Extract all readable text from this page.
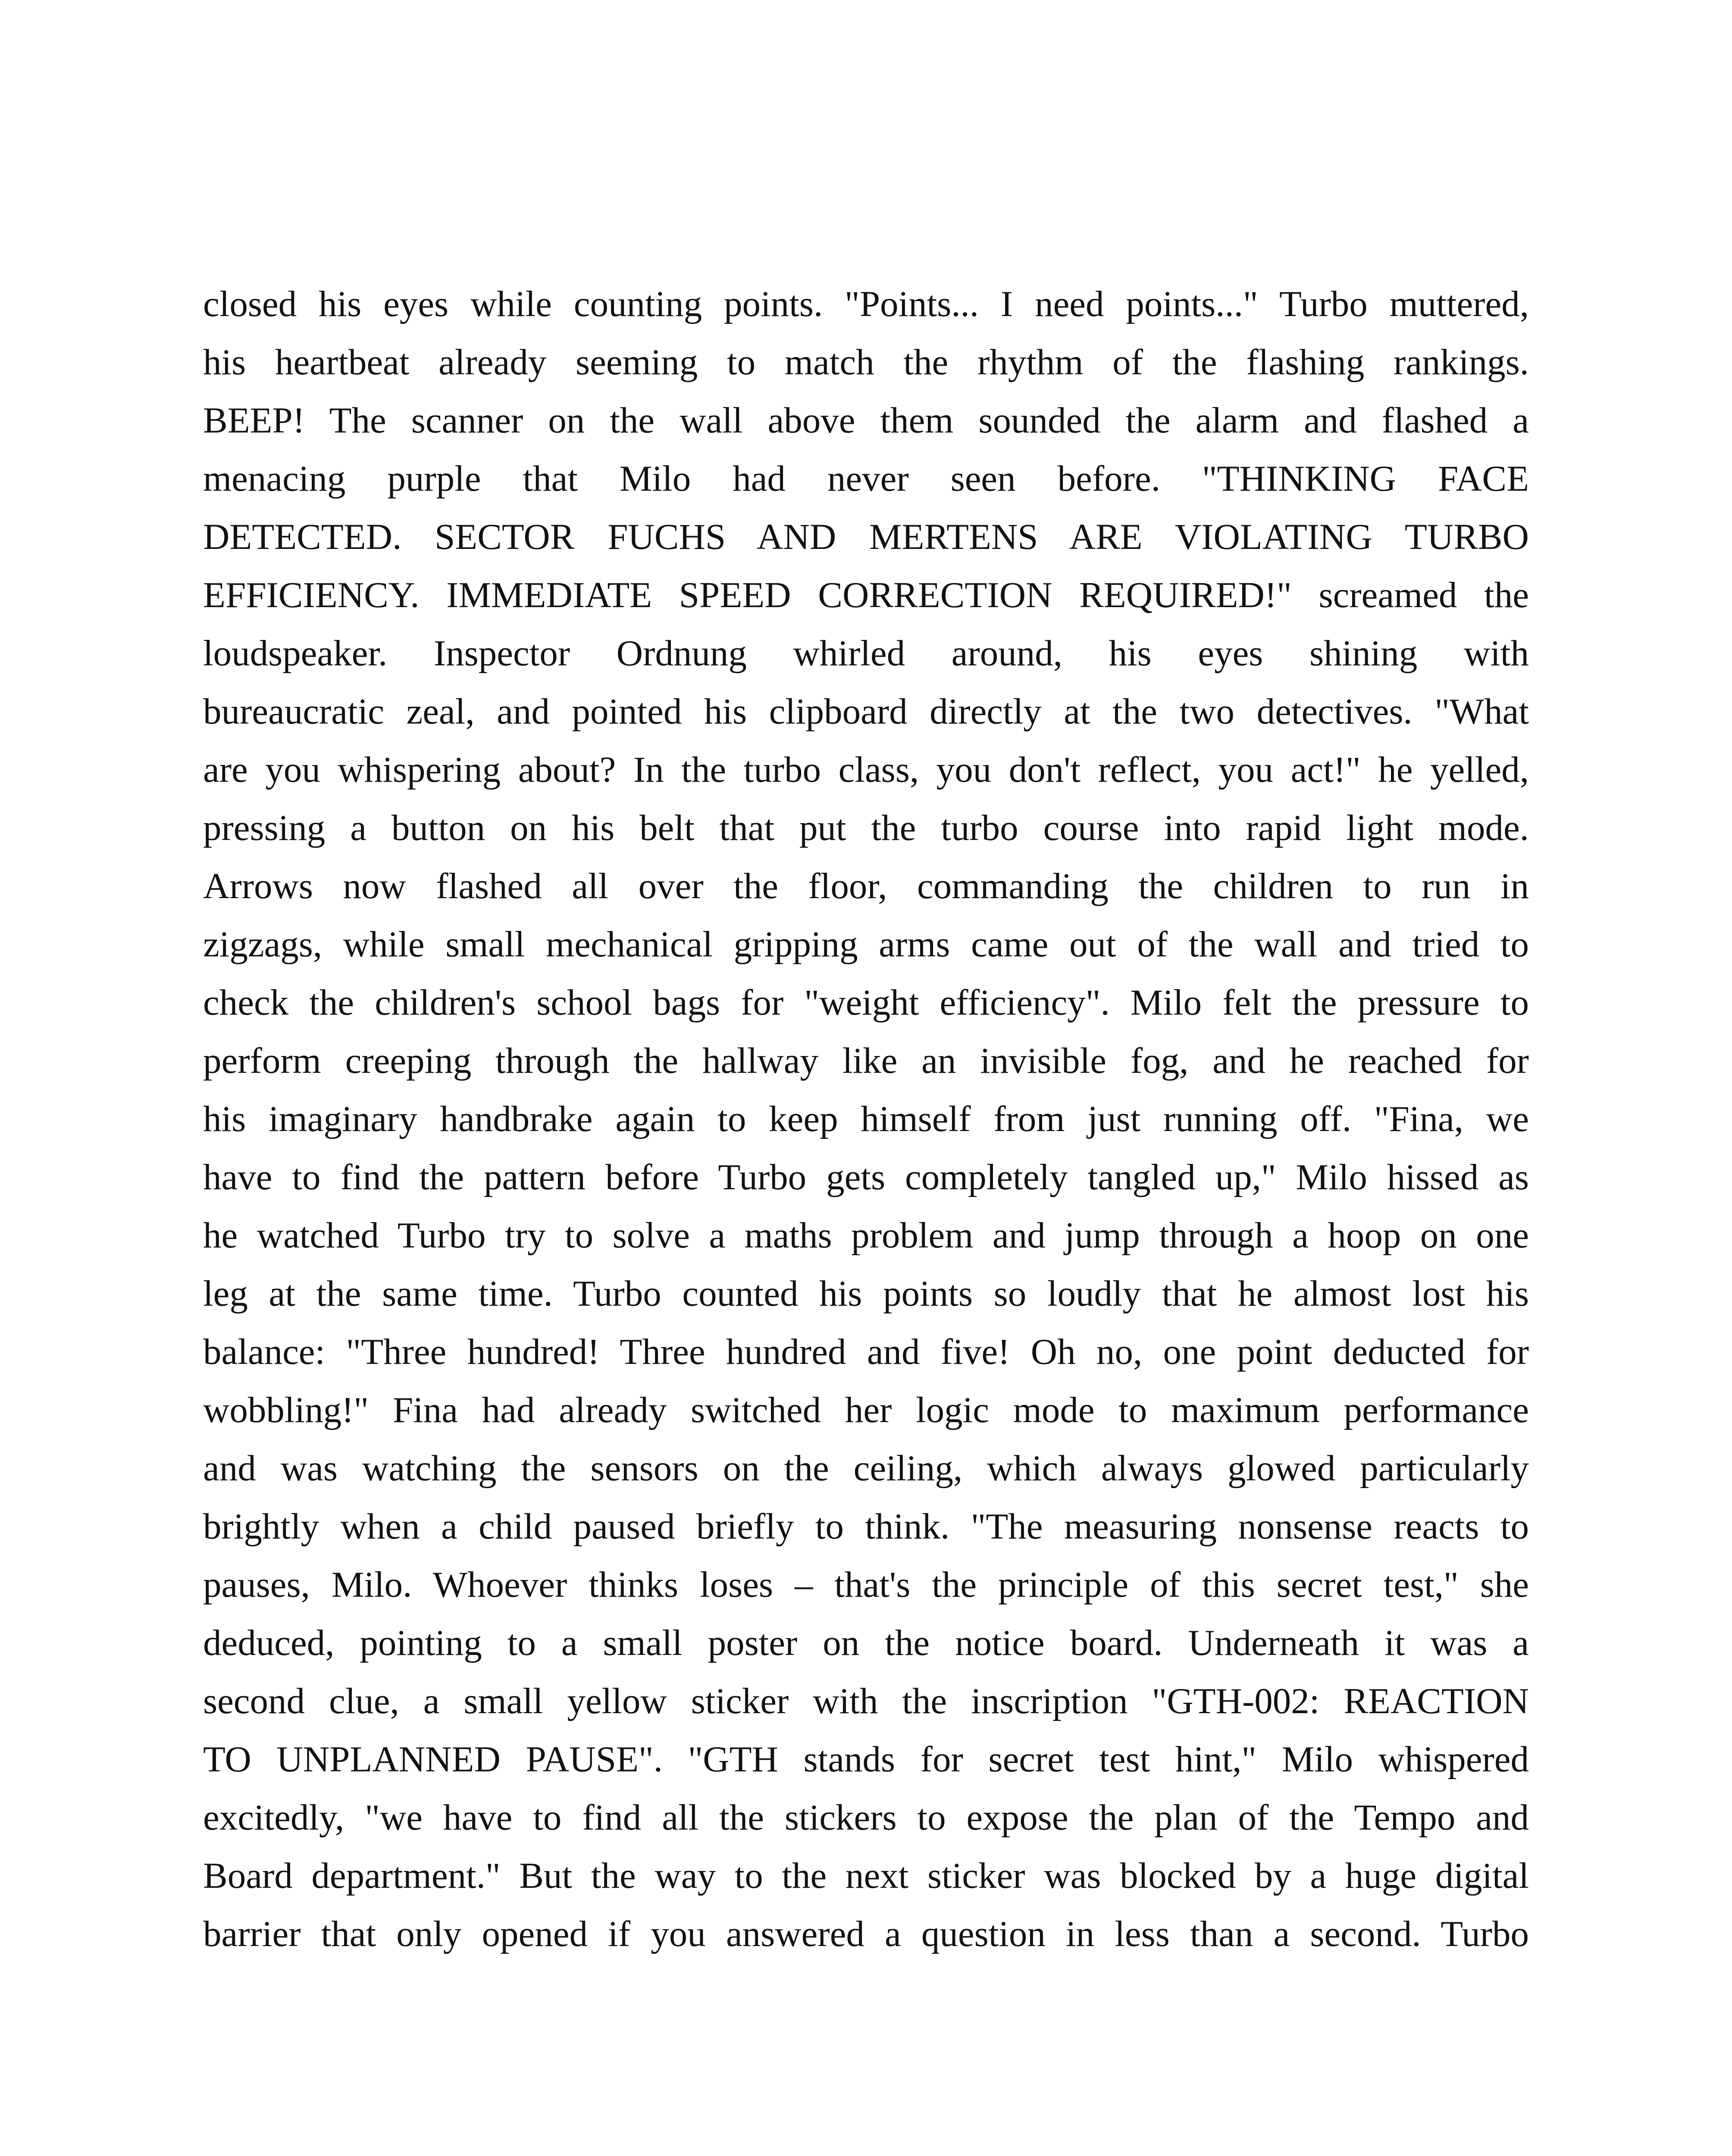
closed his eyes while counting points. "Points... I need points..." Turbo muttered,
his heartbeat already seeming to match the rhythm of the flashing rankings.
BEEP! The scanner on the wall above them sounded the alarm and flashed a
menacing purple that Milo had never seen before. "THINKING FACE
DETECTED. SECTOR FUCHS AND MERTENS ARE VIOLATING TURBO
EFFICIENCY. IMMEDIATE SPEED CORRECTION REQUIRED!" screamed the
loudspeaker. Inspector Ordnung whirled around, his eyes shining with
bureaucratic zeal, and pointed his clipboard directly at the two detectives. "What
are you whispering about? In the turbo class, you don't reflect, you act!" he yelled,
pressing a button on his belt that put the turbo course into rapid light mode.
Arrows now flashed all over the floor, commanding the children to run in
zigzags, while small mechanical gripping arms came out of the wall and tried to
check the children's school bags for "weight efficiency". Milo felt the pressure to
perform creeping through the hallway like an invisible fog, and he reached for
his imaginary handbrake again to keep himself from just running off. "Fina, we
have to find the pattern before Turbo gets completely tangled up," Milo hissed as
he watched Turbo try to solve a maths problem and jump through a hoop on one
leg at the same time. Turbo counted his points so loudly that he almost lost his
balance: "Three hundred! Three hundred and five! Oh no, one point deducted for
wobbling!" Fina had already switched her logic mode to maximum performance
and was watching the sensors on the ceiling, which always glowed particularly
brightly when a child paused briefly to think. "The measuring nonsense reacts to
pauses, Milo. Whoever thinks loses – that's the principle of this secret test," she
deduced, pointing to a small poster on the notice board. Underneath it was a
second clue, a small yellow sticker with the inscription "GTH-002: REACTION
TO UNPLANNED PAUSE". "GTH stands for secret test hint," Milo whispered
excitedly, "we have to find all the stickers to expose the plan of the Tempo and
Board department." But the way to the next sticker was blocked by a huge digital
barrier that only opened if you answered a question in less than a second. Turbo
